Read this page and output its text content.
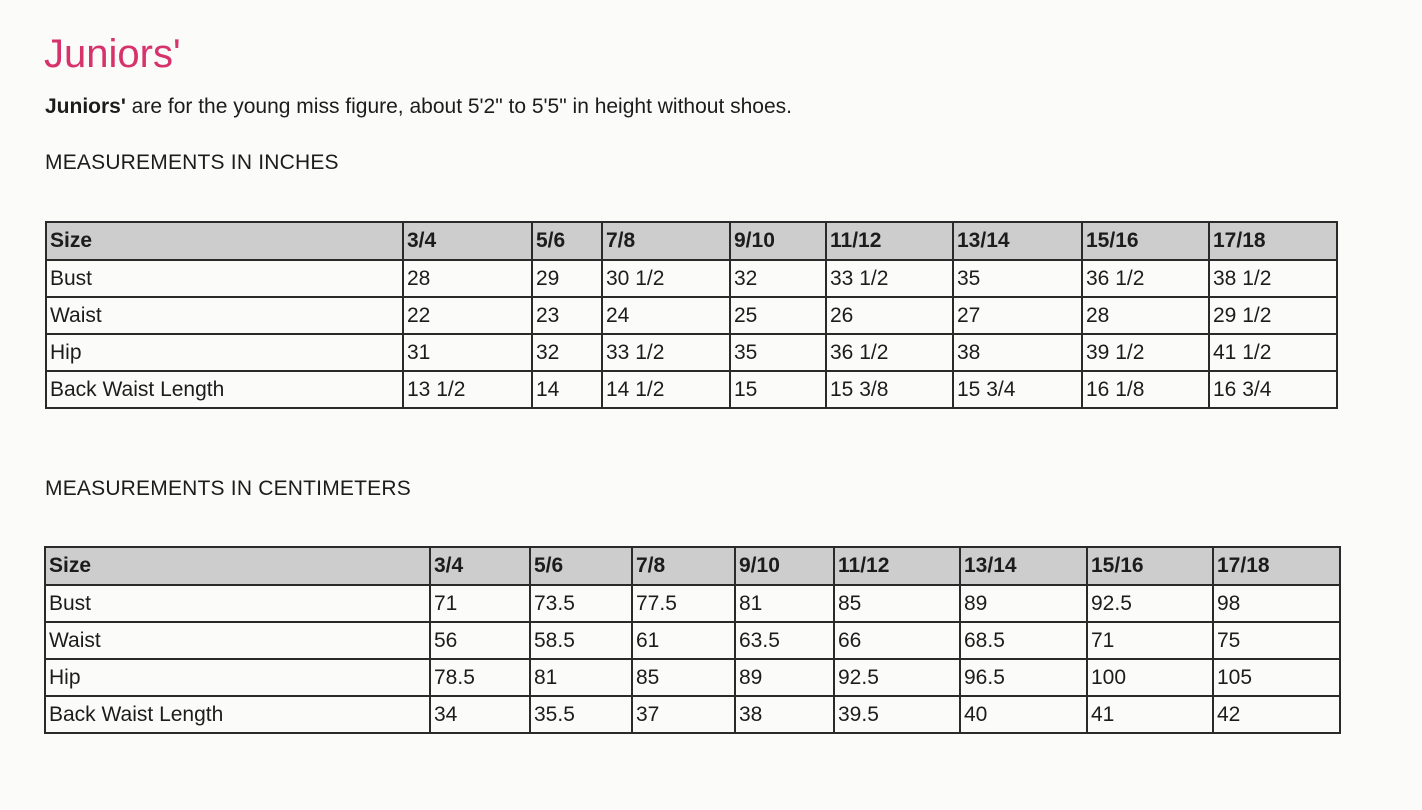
Juniors'
Juniors' are for the young miss figure, about 5'2" to 5'5" in height without shoes.
MEASUREMENTS IN INCHES
Size	3/4	5/6	7/8	9/10	11/12	13/14	15/16	17/18
Bust	28	29	30 1/2	32	33 1/2	35	36 1/2	38 1/2
Waist	22	23	24	25	26	27	28	29 1/2
Hip	31	32	33 1/2	35	36 1/2	38	39 1/2	41 1/2
Back Waist Length	13 1/2	14	14 1/2	15	15 3/8	15 3/4	16 1/8	16 3/4
MEASUREMENTS IN CENTIMETERS
Size	3/4	5/6	7/8	9/10	11/12	13/14	15/16	17/18
Bust	71	73.5	77.5	81	85	89	92.5	98
Waist	56	58.5	61	63.5	66	68.5	71	75
Hip	78.5	81	85	89	92.5	96.5	100	105
Back Waist Length	34	35.5	37	38	39.5	40	41	42
